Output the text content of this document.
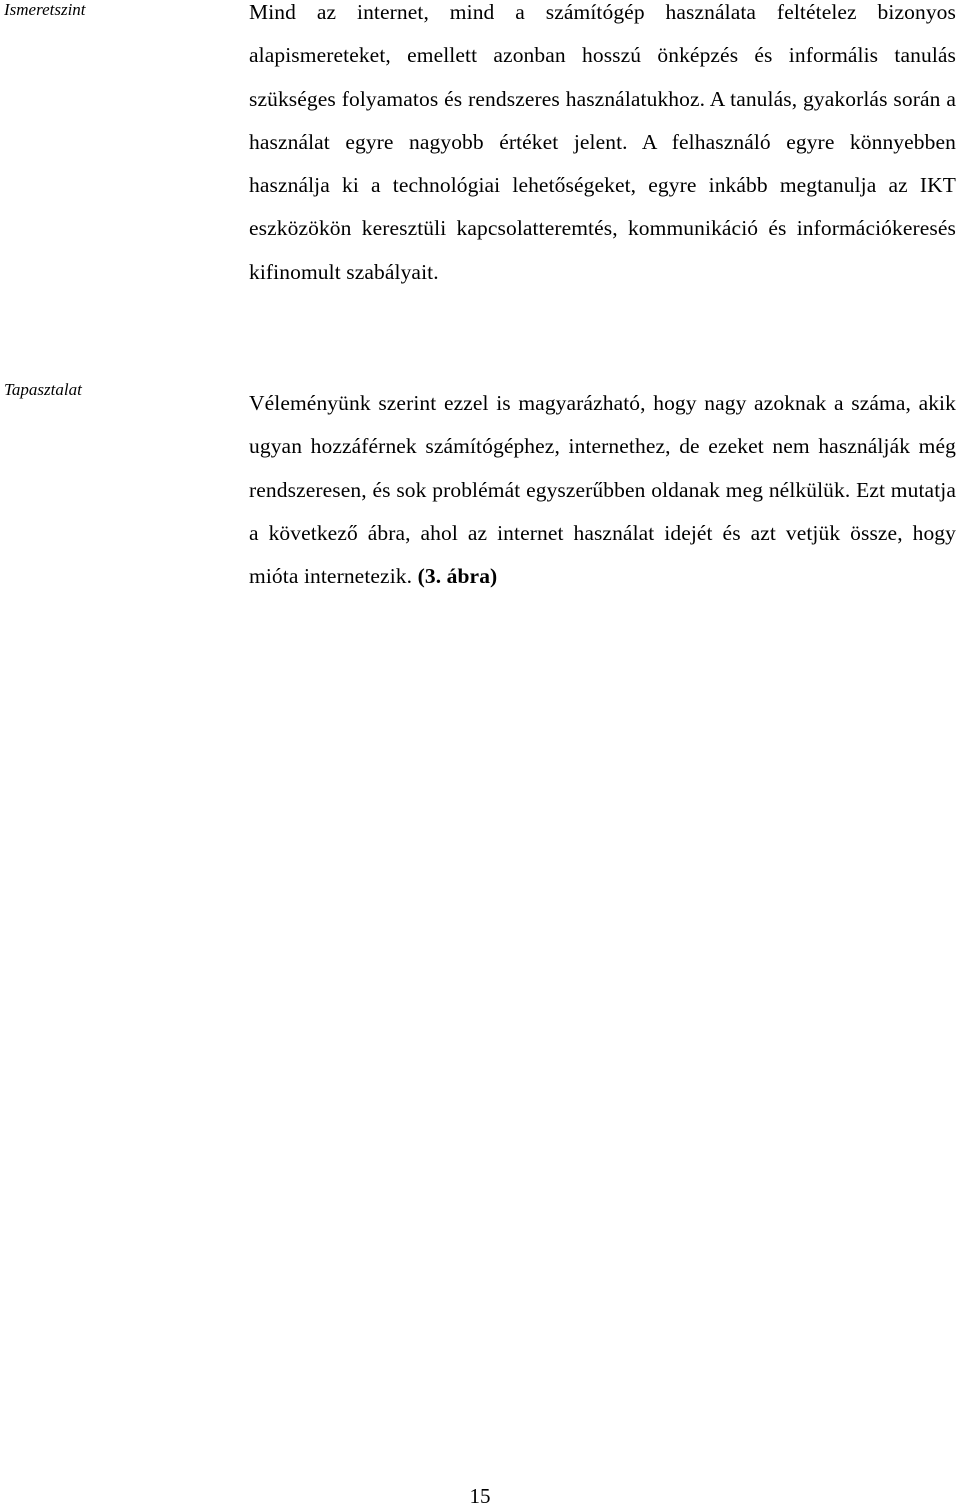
Ismeretszint	Mind az internet, mind a számítógép használata feltételez bizonyos alapismereteket, emellett azonban hosszú önképzés és informális tanulás szükséges folyamatos és rendszeres használatukhoz. A tanulás, gyakorlás során a használat egyre nagyobb értéket jelent. A felhasználó egyre könnyebben használja ki a technológiai lehetőségeket, egyre inkább megtanulja az IKT eszközökön keresztüli kapcsolatteremtés, kommunikáció és információkeresés kifinomult szabályait.
Tapasztalat
Véleményünk szerint ezzel is magyarázható, hogy nagy azoknak a száma, akik ugyan hozzáférnek számítógéphez, internethez, de ezeket nem használják még rendszeresen, és sok problémát egyszerűbben oldanak meg nélkülük. Ezt mutatja a következő ábra, ahol az internet használat idejét és azt vetjük össze, hogy mióta internetezik. (3. ábra)
15
